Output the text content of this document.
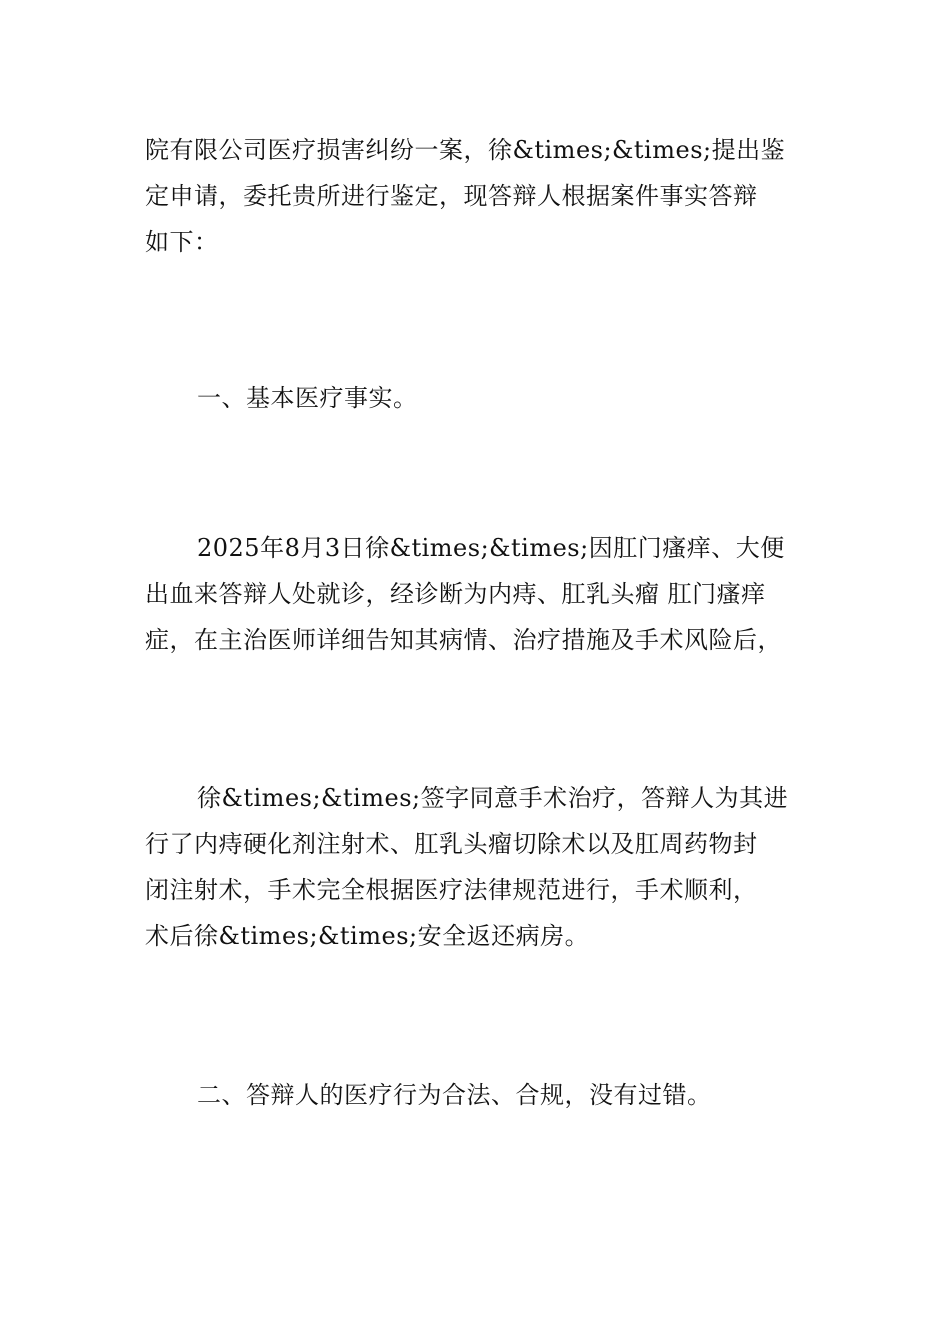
院有限公司医疗损害纠纷一案，徐&times;&times;提出鉴
定申请，委托贵所进行鉴定，现答辩人根据案件事实答辩
如下：

一、基本医疗事实。

2025年8月3日徐&times;&times;因肛门瘙痒、大便
出血来答辩人处就诊，经诊断为内痔、肛乳头瘤 肛门瘙痒
症，在主治医师详细告知其病情、治疗措施及手术风险后，

徐&times;&times;签字同意手术治疗，答辩人为其进
行了内痔硬化剂注射术、肛乳头瘤切除术以及肛周药物封
闭注射术，手术完全根据医疗法律规范进行，手术顺利，
术后徐&times;&times;安全返还病房。

二、答辩人的医疗行为合法、合规，没有过错。
